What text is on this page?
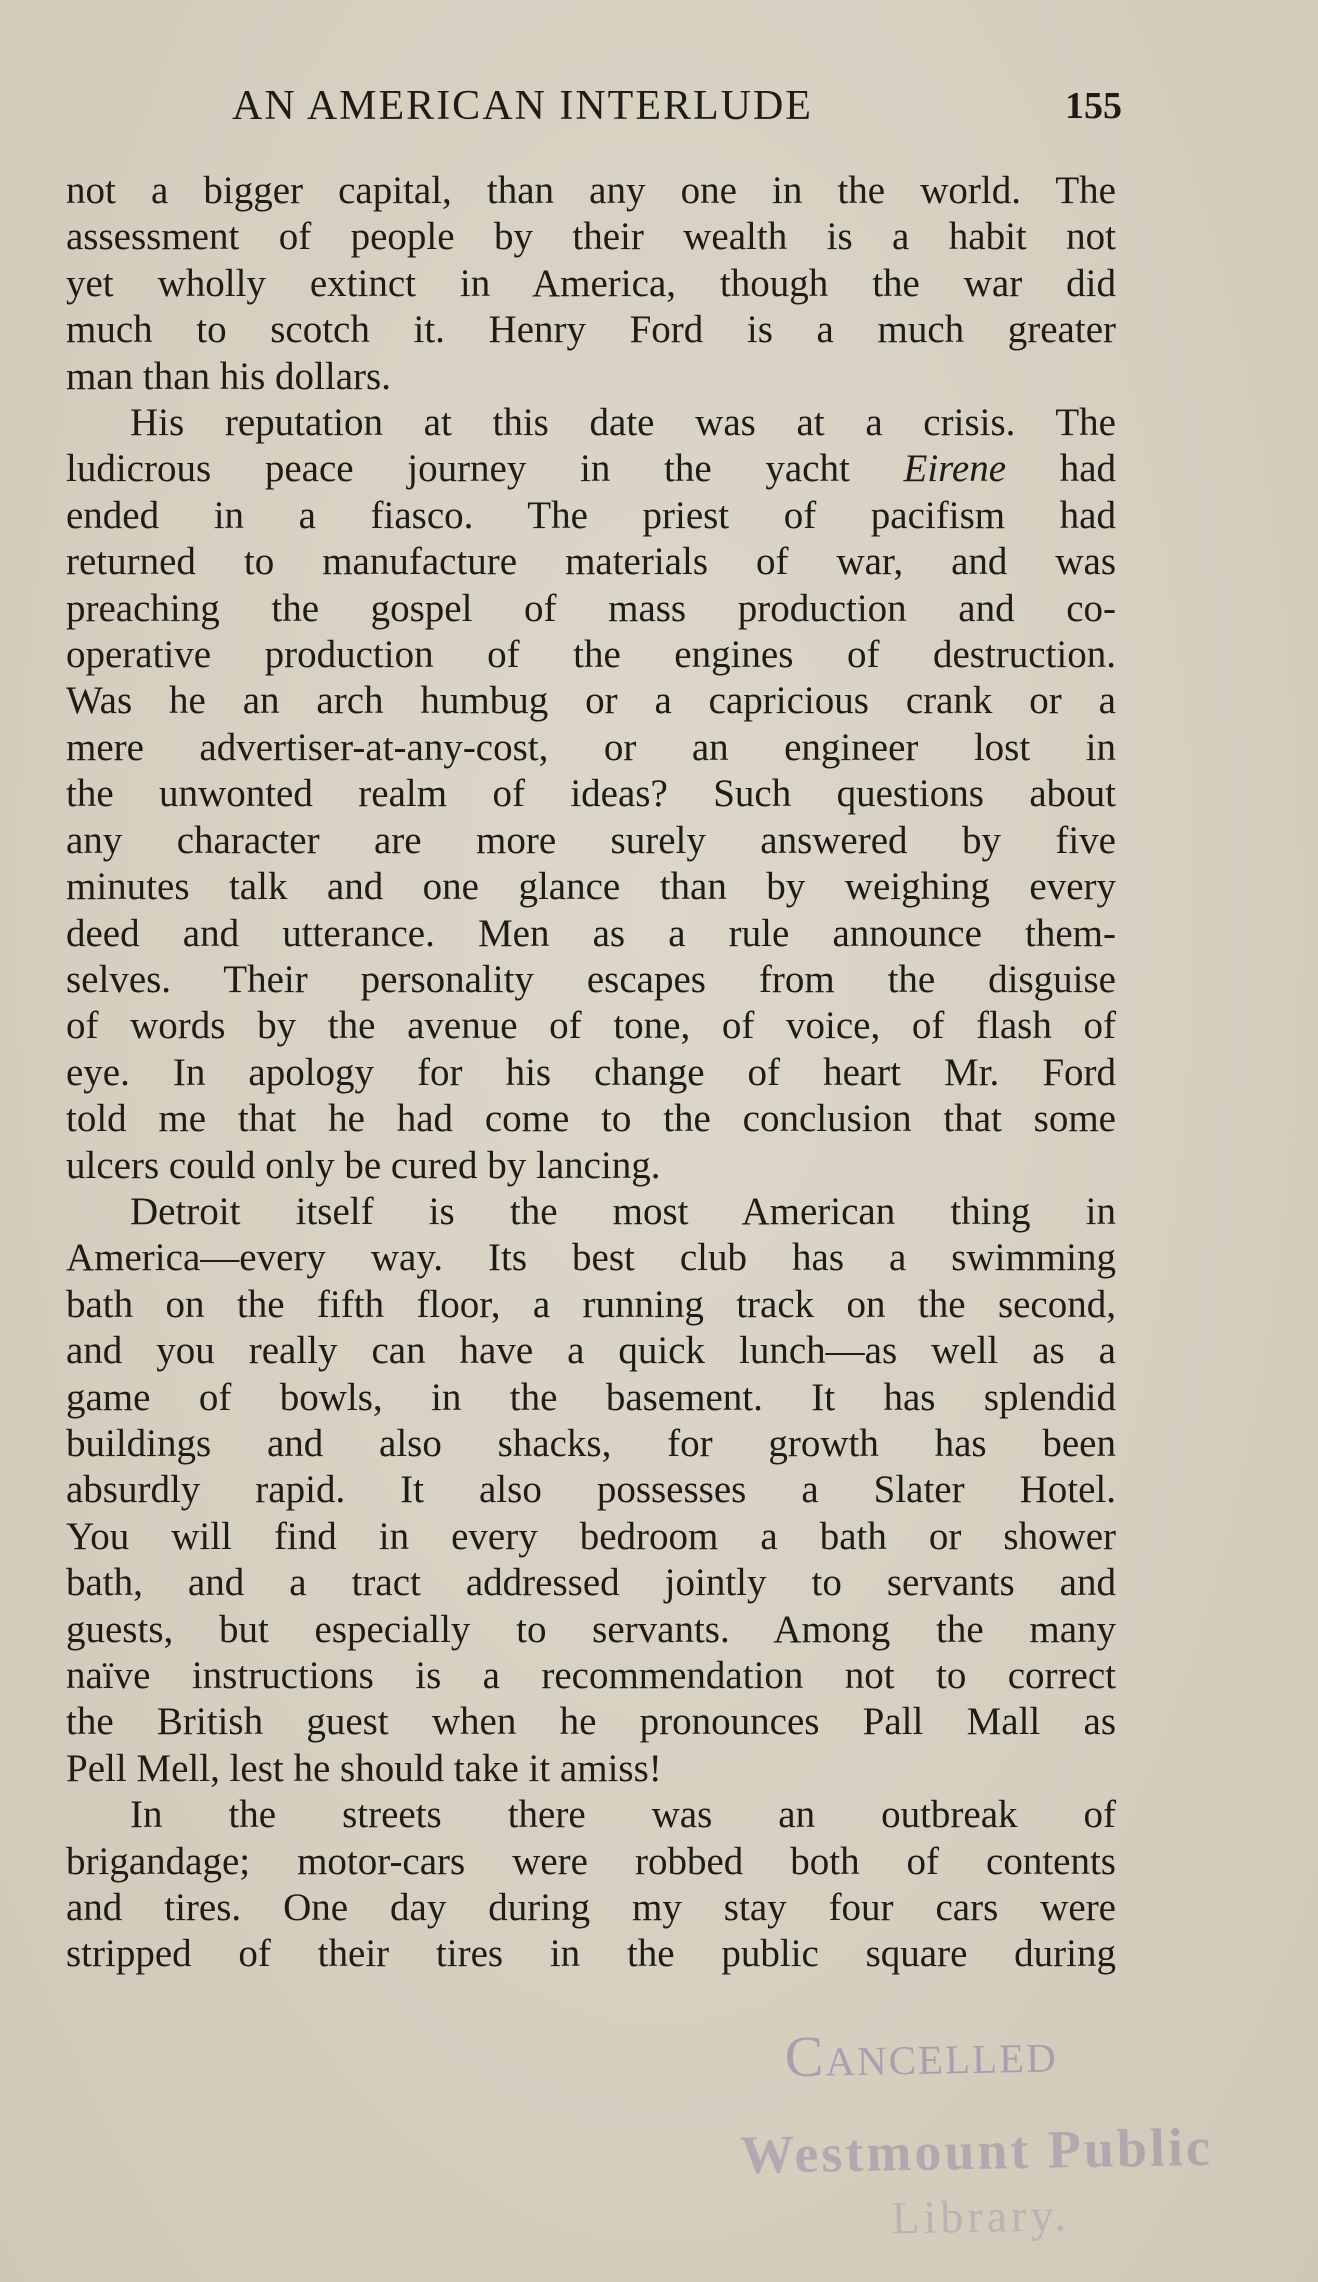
AN AMERICAN INTERLUDE	155

not a bigger capital, than any one in the world. The

assessment of people by their wealth is a habit not

yet wholly extinct in America, though the war did

much to scotch it. Henry Ford is a much greater

man than his dollars.

His reputation at this date was at a crisis. The

ludicrous peace journey in the yacht Eirene had

ended in a fiasco. The priest of pacifism had

returned to manufacture materials of war, and was

preaching the gospel of mass production and co-

operative production of the engines of destruction.

Was he an arch humbug or a capricious crank or a

mere advertiser-at-any-cost, or an engineer lost in

the unwonted realm of ideas? Such questions about

any character are more surely answered by five

minutes talk and one glance than by weighing every

deed and utterance. Men as a rule announce them-

selves. Their personality escapes from the disguise

of words by the avenue of tone, of voice, of flash of

eye. In apology for his change of heart Mr. Ford

told me that he had come to the conclusion that some

ulcers could only be cured by lancing.

Detroit itself is the most American thing in

America—every way. Its best club has a swimming

bath on the fifth floor, a running track on the second,

and you really can have a quick lunch—as well as a

game of bowls, in the basement. It has splendid

buildings and also shacks, for growth has been

absurdly rapid. It also possesses a Slater Hotel.

You will find in every bedroom a bath or shower

bath, and a tract addressed jointly to servants and

guests, but especially to servants. Among the many

naïve instructions is a recommendation not to correct

the British guest when he pronounces Pall Mall as

Pell Mell, lest he should take it amiss!

In the streets there was an outbreak of

brigandage; motor-cars were robbed both of contents

and tires. One day during my stay four cars were

stripped of their tires in the public square during

Cancelled
Westmount Public
Library.
